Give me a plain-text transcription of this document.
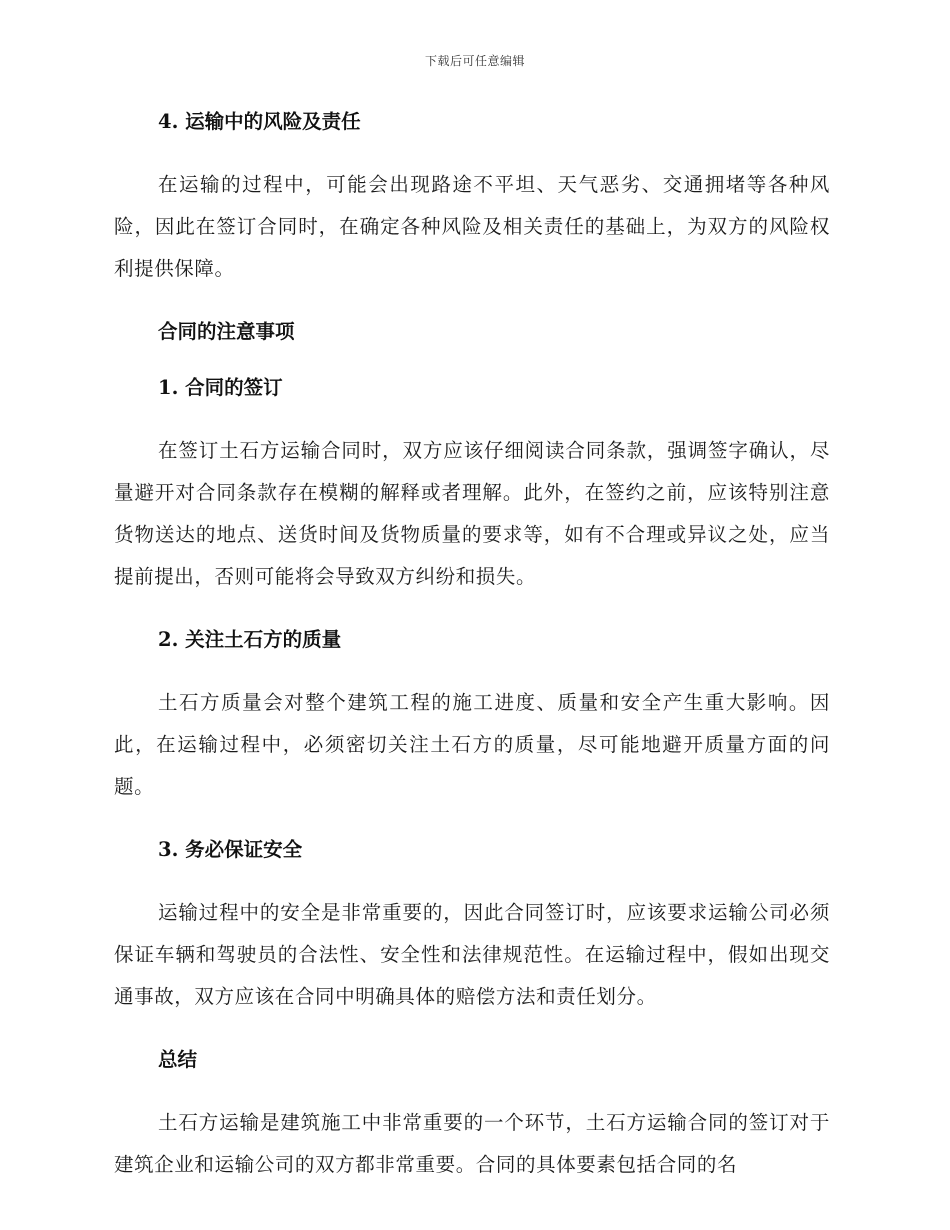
下载后可任意编辑
4. 运输中的风险及责任

在运输的过程中，可能会出现路途不平坦、天气恶劣、交通拥堵等各种风险，因此在签订合同时，在确定各种风险及相关责任的基础上，为双方的风险权利提供保障。

合同的注意事项
1. 合同的签订

在签订土石方运输合同时，双方应该仔细阅读合同条款，强调签字确认，尽量避开对合同条款存在模糊的解释或者理解。此外，在签约之前，应该特别注意货物送达的地点、送货时间及货物质量的要求等，如有不合理或异议之处，应当提前提出，否则可能将会导致双方纠纷和损失。

2. 关注土石方的质量

土石方质量会对整个建筑工程的施工进度、质量和安全产生重大影响。因此，在运输过程中，必须密切关注土石方的质量，尽可能地避开质量方面的问题。

3. 务必保证安全

运输过程中的安全是非常重要的，因此合同签订时，应该要求运输公司必须保证车辆和驾驶员的合法性、安全性和法律规范性。在运输过程中，假如出现交通事故，双方应该在合同中明确具体的赔偿方法和责任划分。

总结

土石方运输是建筑施工中非常重要的一个环节，土石方运输合同的签订对于建筑企业和运输公司的双方都非常重要。合同的具体要素包括合同的名
